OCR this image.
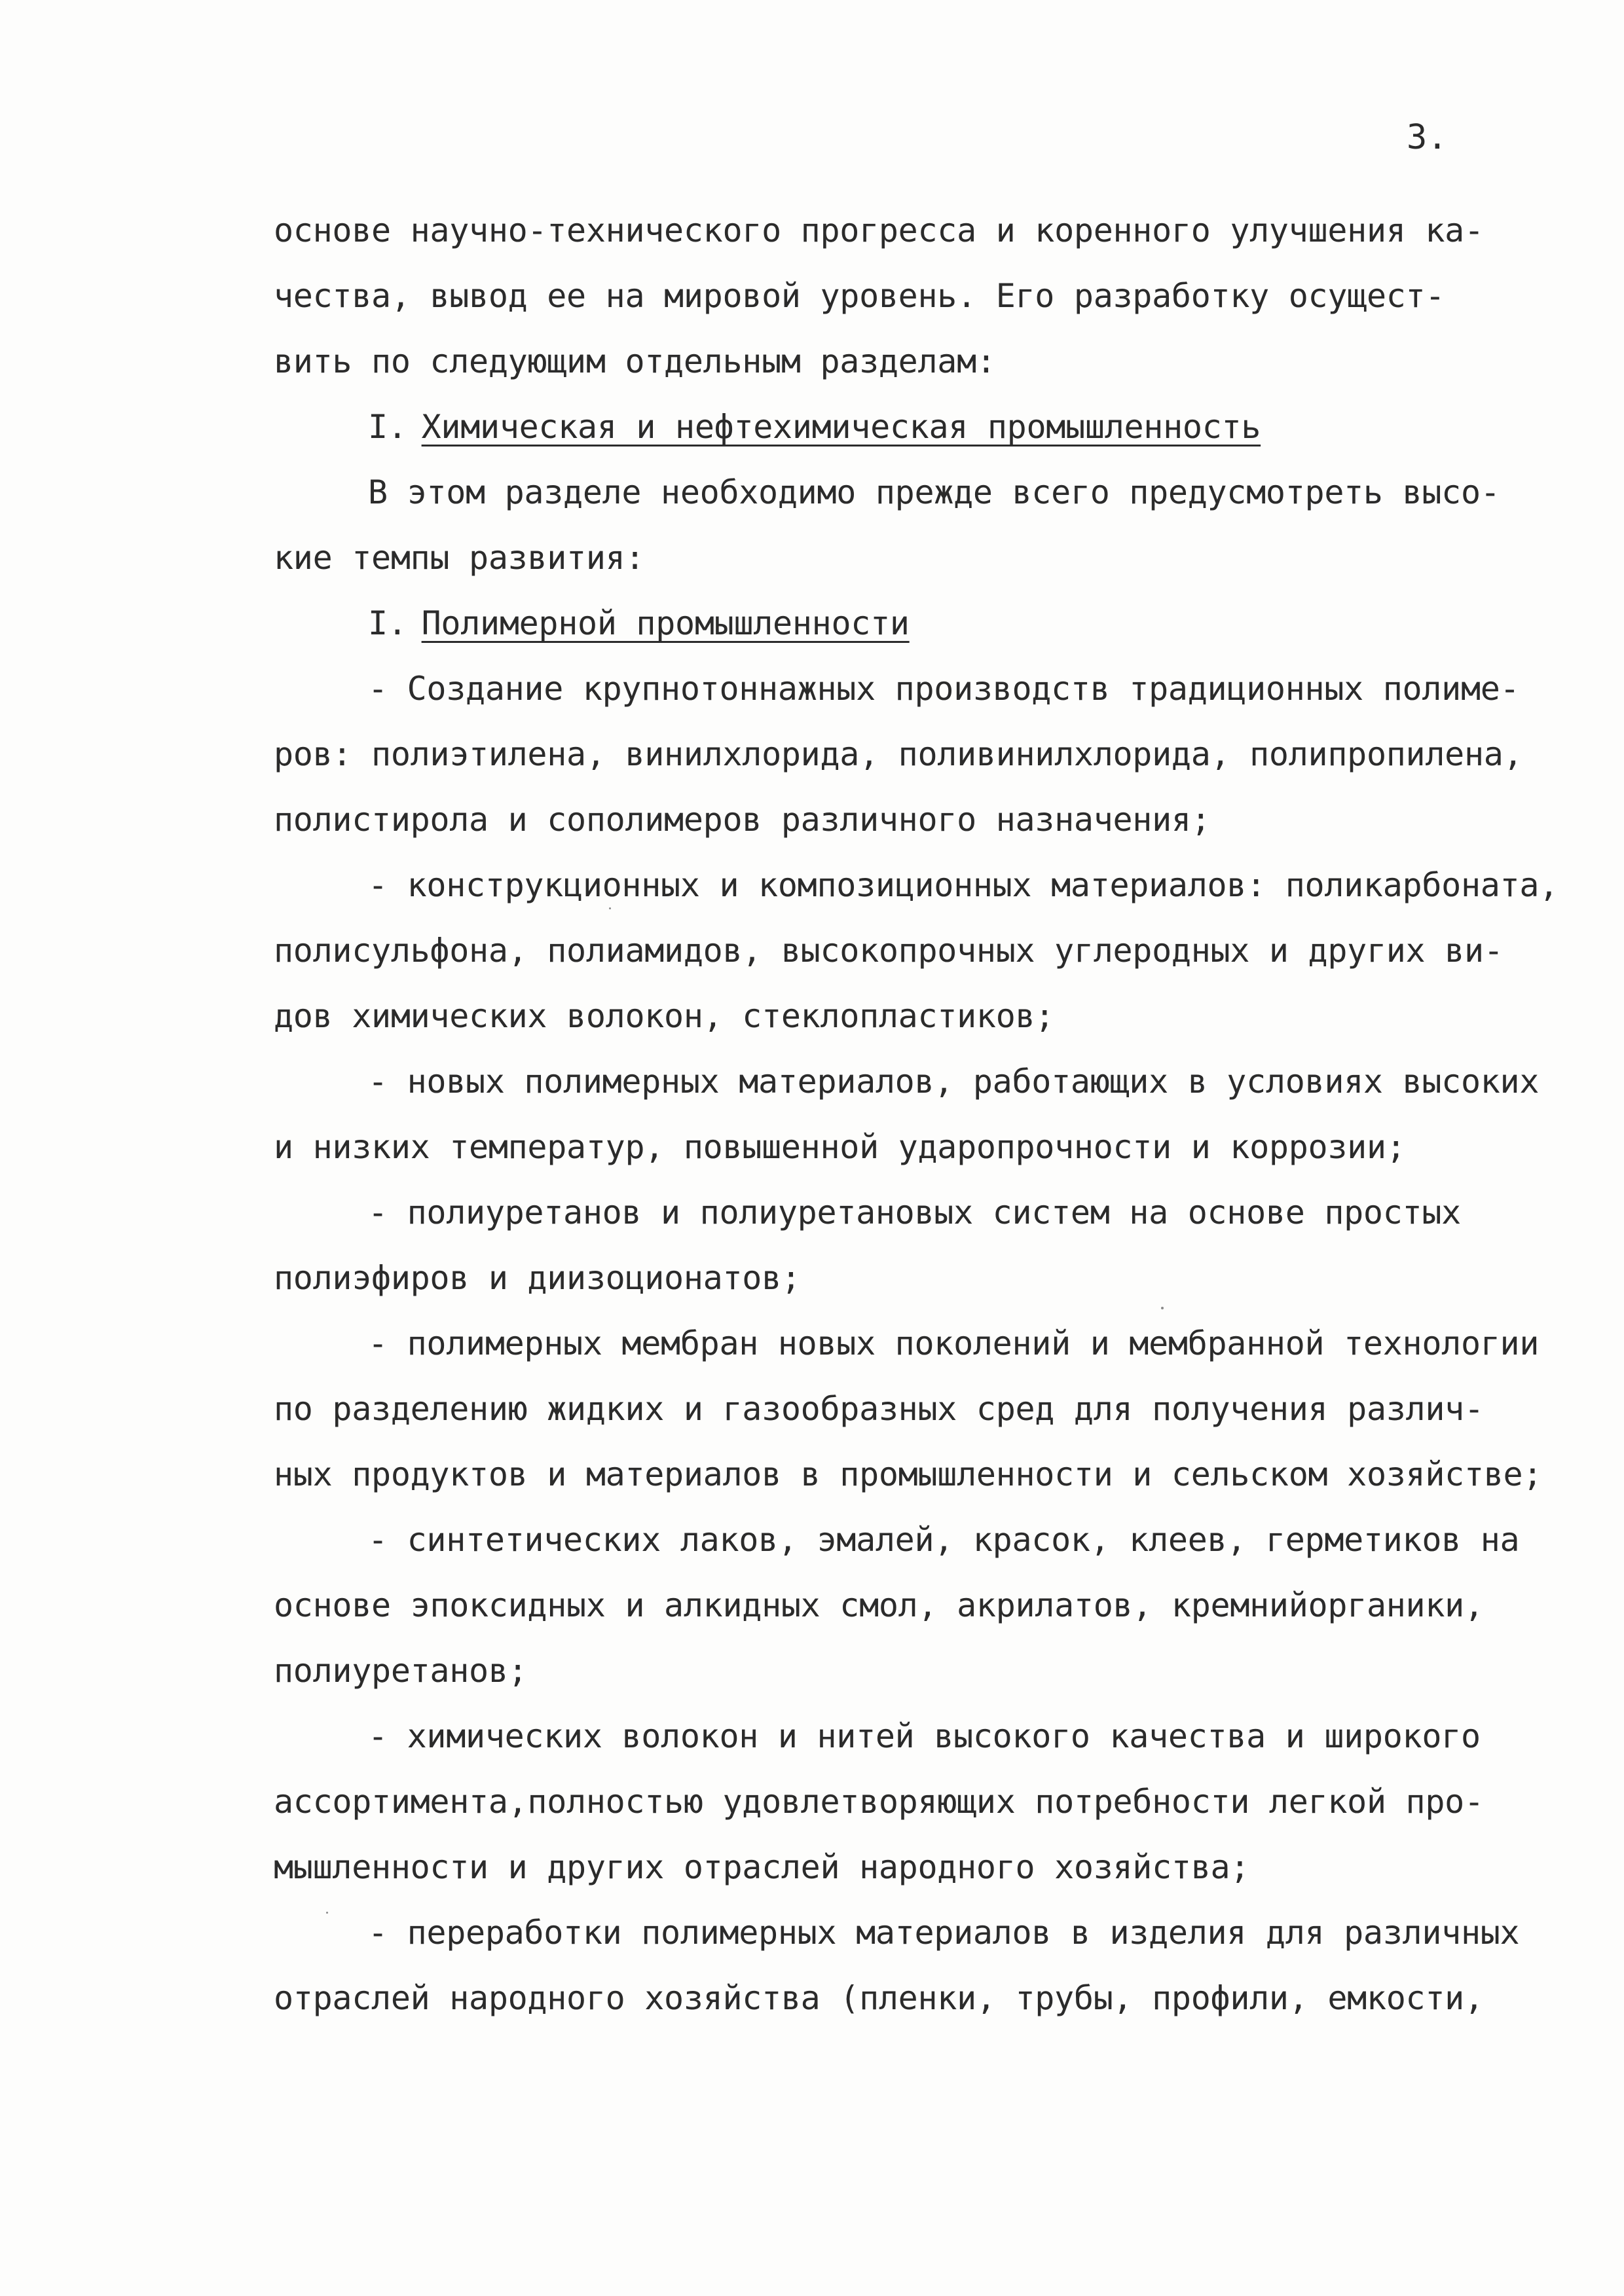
3.
основе научно-технического прогресса и коренного улучшения ка-
чества, вывод ее на мировой уровень. Его разработку осущест-
вить по следующим отдельным разделам:
I. Химическая и нефтехимическая промышленность
В этом разделе необходимо прежде всего предусмотреть высо-
кие темпы развития:
I. Полимерной промышленности
- Создание крупнотоннажных производств традиционных полиме-
ров: полиэтилена, винилхлорида, поливинилхлорида, полипропилена,
полистирола и сополимеров различного назначения;
- конструкционных и композиционных материалов: поликарбоната,
полисульфона, полиамидов, высокопрочных углеродных и других ви-
дов химических волокон, стеклопластиков;
- новых полимерных материалов, работающих в условиях высоких
и низких температур, повышенной ударопрочности и коррозии;
- полиуретанов и полиуретановых систем на основе простых
полиэфиров и диизоционатов;
- полимерных мембран новых поколений и мембранной технологии
по разделению жидких и газообразных сред для получения различ-
ных продуктов и материалов в промышленности и сельском хозяйстве;
- синтетических лаков, эмалей, красок, клеев, герметиков на
основе эпоксидных и алкидных смол, акрилатов, кремнийорганики,
полиуретанов;
- химических волокон и нитей высокого качества и широкого
ассортимента,полностью удовлетворяющих потребности легкой про-
мышленности и других отраслей народного хозяйства;
- переработки полимерных материалов в изделия для различных
отраслей народного хозяйства (пленки, трубы, профили, емкости,
